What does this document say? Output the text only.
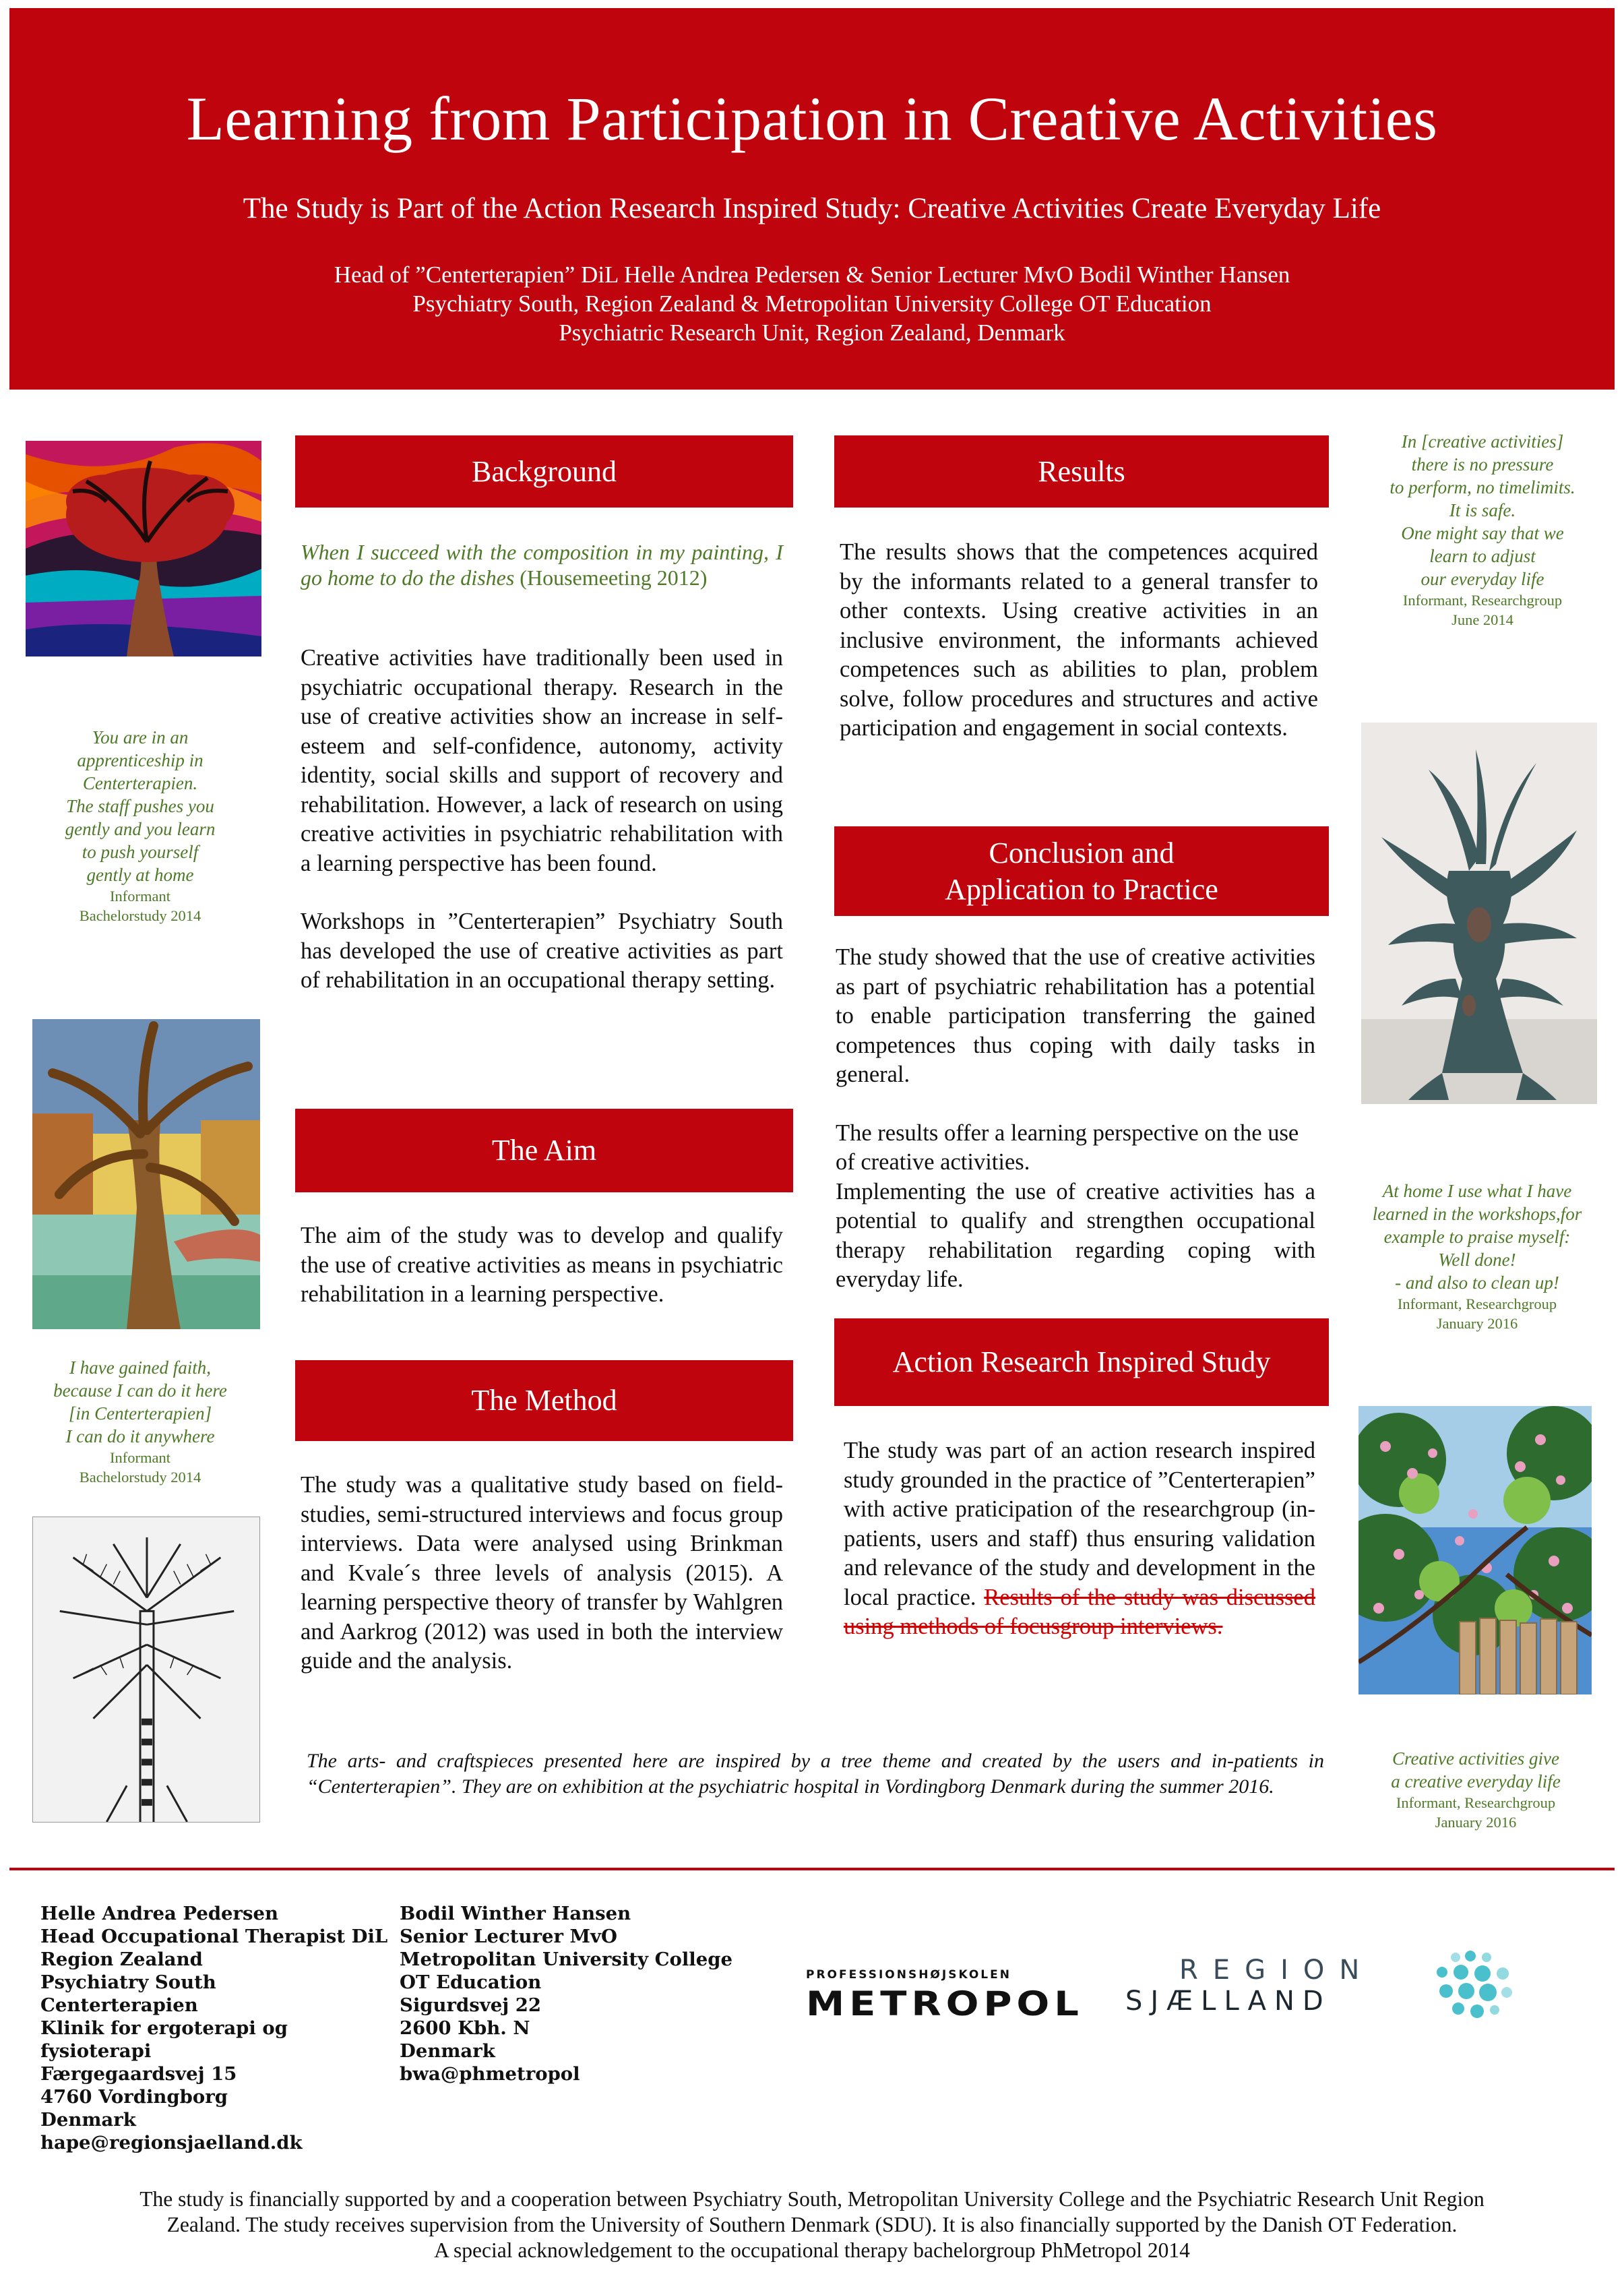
Learning from Participation in Creative Activities
The Study is Part of the Action Research Inspired Study: Creative Activities Create Everyday Life
Head of ”Centerterapien” DiL Helle Andrea Pedersen & Senior Lecturer MvO Bodil Winther Hansen
Psychiatry South, Region Zealand & Metropolitan University College OT Education
Psychiatric Research Unit, Region Zealand, Denmark
You are in an
apprenticeship in
Centerterapien.
The staff pushes you
gently and you learn
to push yourself
gently at home
Informant
Bachelorstudy 2014
I have gained faith,
because I can do it here
[in Centerterapien]
I can do it anywhere
Informant
Bachelorstudy 2014
Background
When I succeed with the composition in my painting, I go home to do the dishes (Housemeeting 2012)

Creative activities have traditionally been used in psychiatric occupational therapy. Research in the use of creative activities show an increase in self-esteem and self-confidence, autonomy, activity identity, social skills and support of recovery and rehabilitation. However, a lack of research on using creative activities in psychiatric rehabilitation with a learning perspective has been found.

Workshops in ”Centerterapien” Psychiatry South has developed the use of creative activities as part of rehabilitation in an occupational therapy setting.

The Aim

The aim of the study was to develop and qualify the use of creative activities as means in psychiatric rehabilitation in a learning perspective.

The Method

The study was a qualitative study based on field-studies, semi-structured interviews and focus group interviews. Data were analysed using Brinkman and Kvale´s three levels of analysis (2015). A learning perspective theory of transfer by Wahlgren and Aarkrog (2012) was used in both the interview guide and the analysis.

Results

The results shows that the competences acquired by the informants related to a general transfer to other contexts. Using creative activities in an inclusive environment, the informants achieved competences such as abilities to plan, problem solve, follow procedures and structures and active participation and engagement in social contexts.

Conclusion and
Application to Practice

The study showed that the use of creative activities as part of psychiatric rehabilitation has a potential to enable participation transferring the gained competences thus coping with daily tasks in general.

The results offer a learning perspective on the use of creative activities.

Implementing the use of creative activities has a potential to qualify and strengthen occupational therapy rehabilitation regarding coping with everyday life.

Action Research Inspired Study

The study was part of an action research inspired study grounded in the practice of ”Centerterapien” with active praticipation of the researchgroup (in-patients, users and staff) thus ensuring validation and relevance of the study and development in the local practice. Results of the study was discussed using methods of focusgroup interviews.

In [creative activities]
there is no pressure
to perform, no timelimits.
It is safe.
One might say that we
learn to adjust
our everyday life
Informant, Researchgroup
June 2014
At home I use what I have
learned in the workshops,for
example to praise myself:
Well done!
- and also to clean up!
Informant, Researchgroup
January 2016
Creative activities give
a creative everyday life
Informant, Researchgroup
January 2016
The arts- and craftspieces presented here are inspired by a tree theme and created by the users and in-patients in “Centerterapien”. They are on exhibition at the psychiatric hospital in Vordingborg Denmark during the summer 2016.
Helle Andrea Pedersen
Head Occupational Therapist DiL
Region Zealand
Psychiatry South
Centerterapien
Klinik for ergoterapi og
fysioterapi
Færgegaardsvej 15
4760 Vordingborg
Denmark
hape@regionsjaelland.dk
Bodil Winther Hansen
Senior Lecturer MvO
Metropolitan University College
OT Education
Sigurdsvej 22
2600 Kbh. N
Denmark
bwa@phmetropol
PROFESSIONSHØJSKOLEN
METROPOL
REGION
SJÆLLAND
The study is financially supported by and a cooperation between Psychiatry South, Metropolitan University College and the Psychiatric Research Unit Region
Zealand. The study receives supervision from the University of Southern Denmark (SDU). It is also financially supported by the Danish OT Federation.
A special acknowledgement to the occupational therapy bachelorgroup PhMetropol 2014
